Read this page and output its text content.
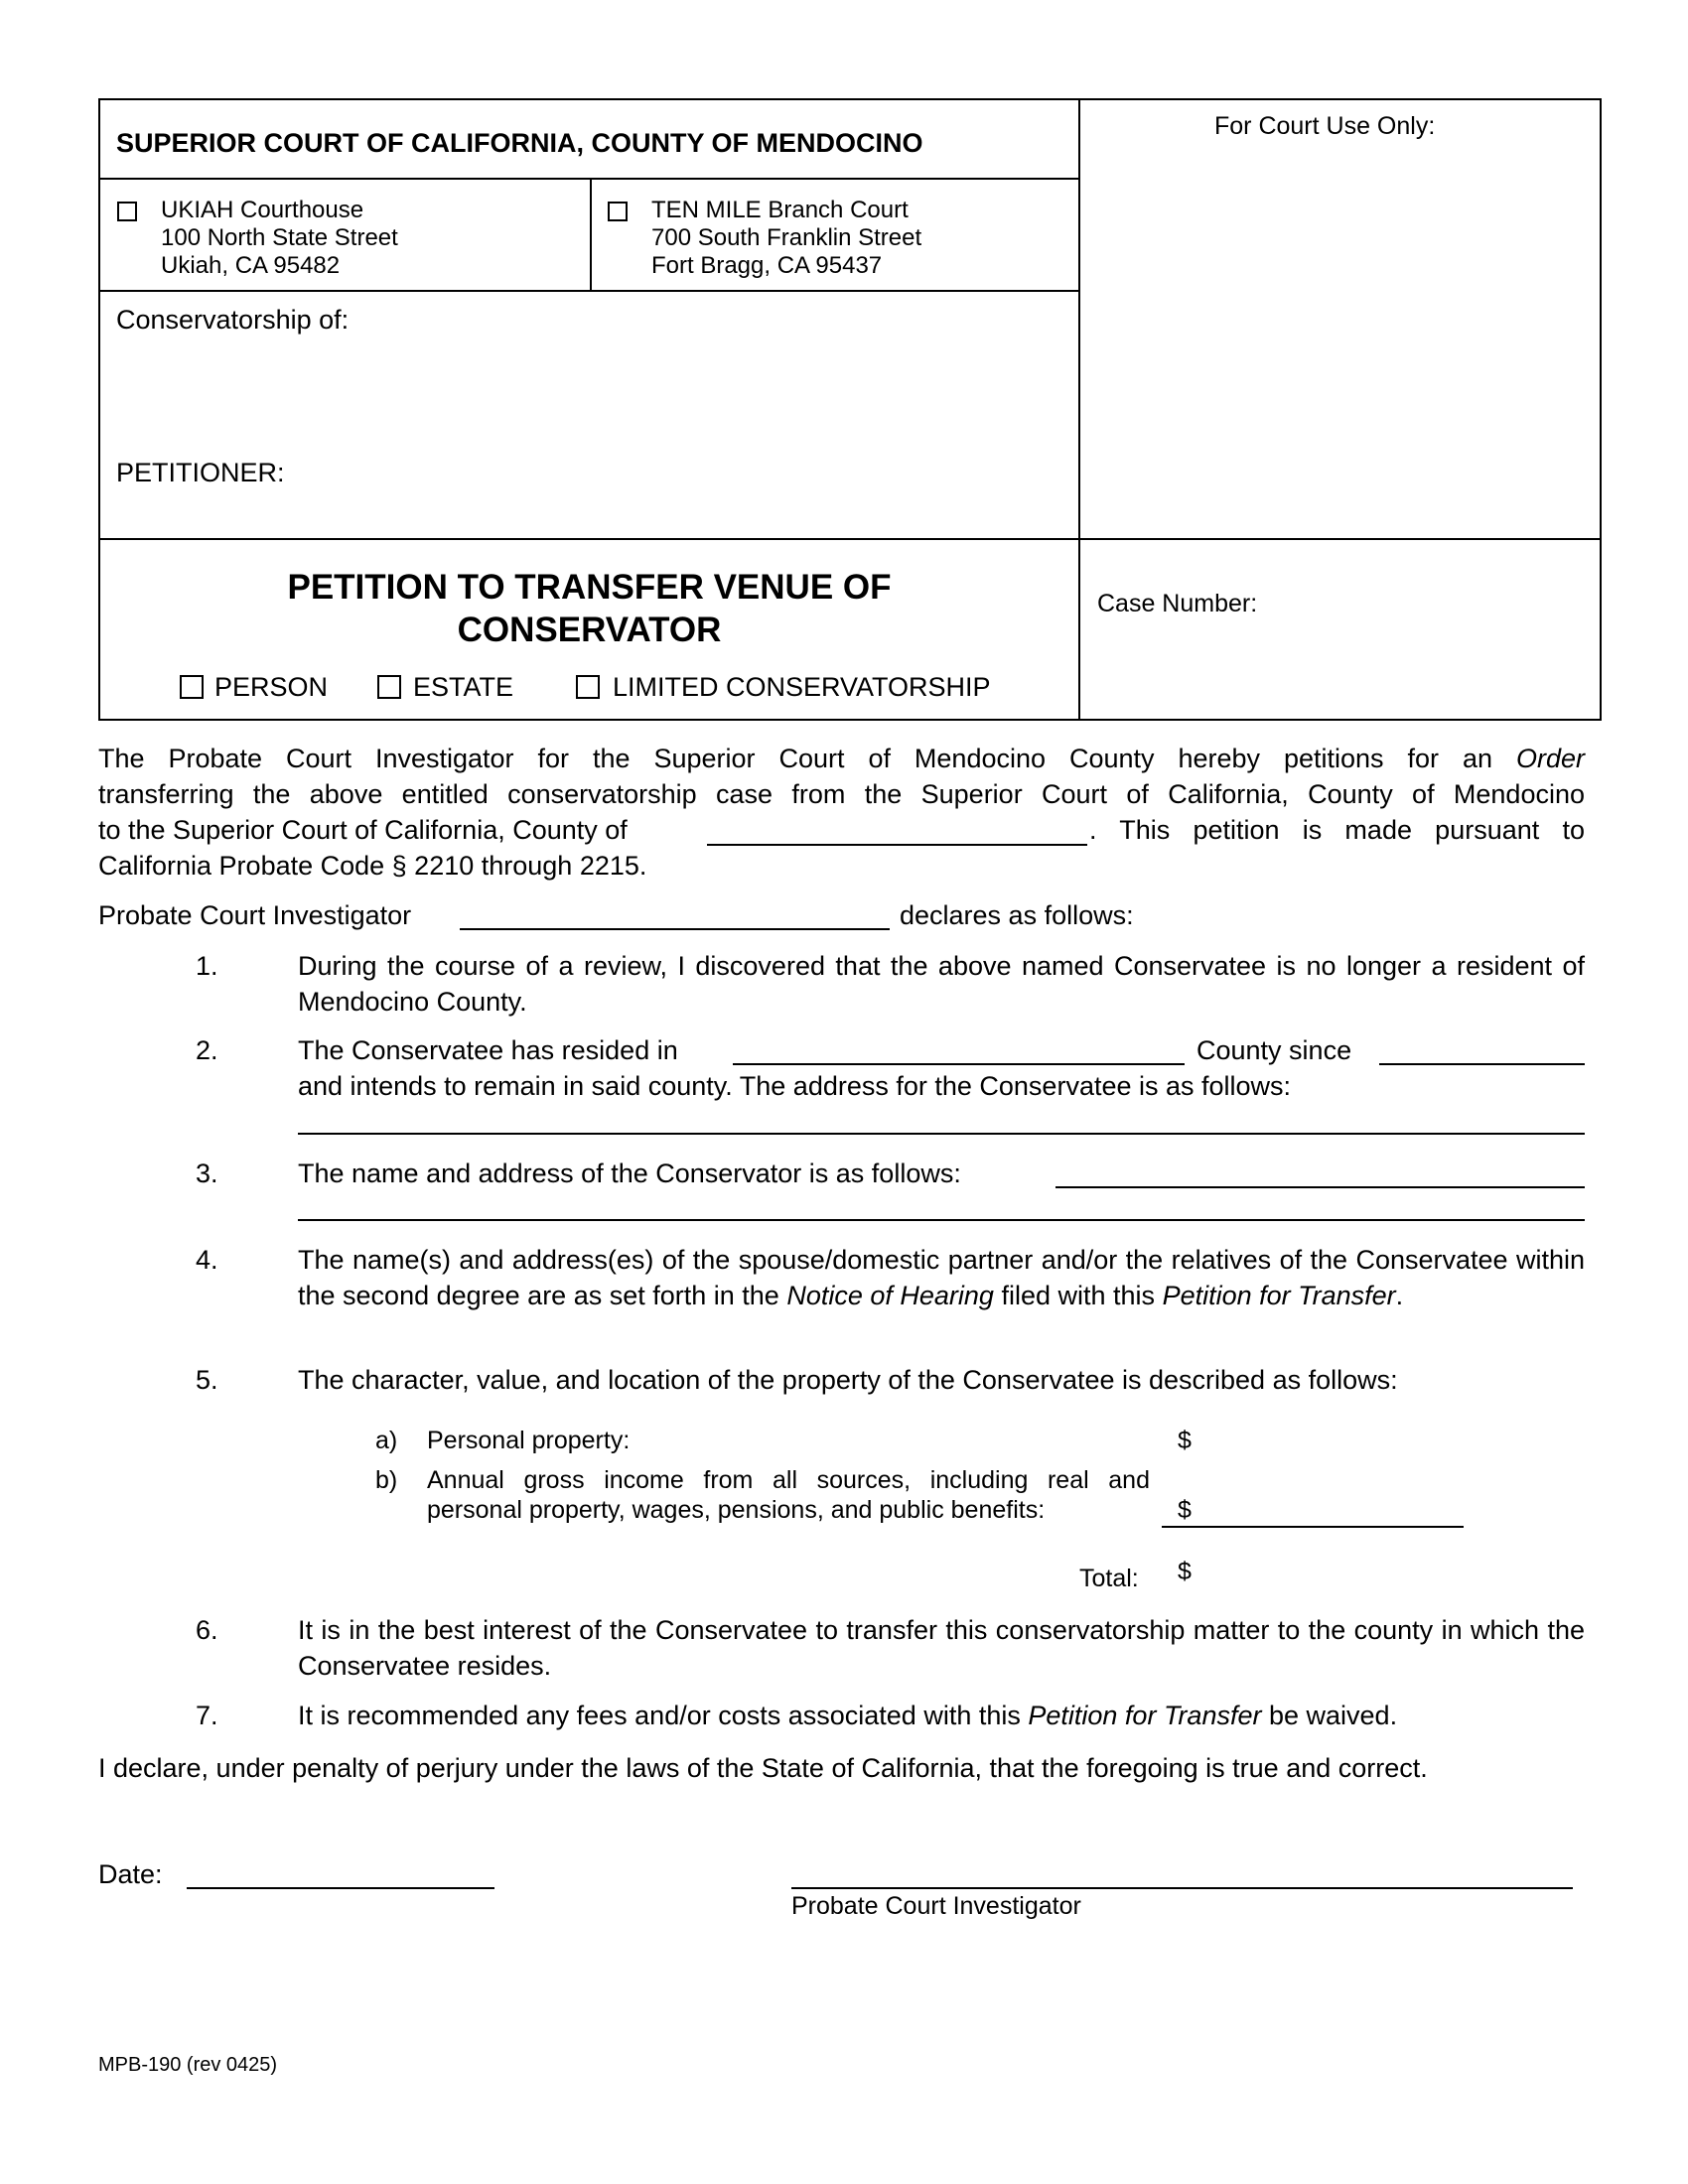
SUPERIOR COURT OF CALIFORNIA, COUNTY OF MENDOCINO
For Court Use Only:
UKIAH Courthouse
100 North State Street
Ukiah, CA 95482
TEN MILE Branch Court
700 South Franklin Street
Fort Bragg, CA 95437
Conservatorship of:
PETITIONER:
PETITION TO TRANSFER VENUE OF
CONSERVATOR
PERSON	ESTATE	LIMITED CONSERVATORSHIP
Case Number:
The Probate Court Investigator for the Superior Court of Mendocino County hereby petitions for an Order
transferring the above entitled conservatorship case from the Superior Court of California, County of Mendocino
to the Superior Court of California, County of	. This petition is made pursuant to
California Probate Code § 2210 through 2215.
Probate Court Investigator	declares as follows:
1.	During the course of a review, I discovered that the above named Conservatee is no longer a resident of Mendocino County.
2.	The Conservatee has resided in	County since
and intends to remain in said county. The address for the Conservatee is as follows:
3.	The name and address of the Conservator is as follows:
4.	The name(s) and address(es) of the spouse/domestic partner and/or the relatives of the Conservatee within the second degree are as set forth in the Notice of Hearing filed with this Petition for Transfer.
5.	The character, value, and location of the property of the Conservatee is described as follows:
a) Personal property:	$
b) Annual gross income from all sources, including real and
personal property, wages, pensions, and public benefits:	$
Total: $
6.	It is in the best interest of the Conservatee to transfer this conservatorship matter to the county in which the Conservatee resides.
7.	It is recommended any fees and/or costs associated with this Petition for Transfer be waived.
I declare, under penalty of perjury under the laws of the State of California, that the foregoing is true and correct.
Date:
Probate Court Investigator
MPB-190 (rev 0425)
